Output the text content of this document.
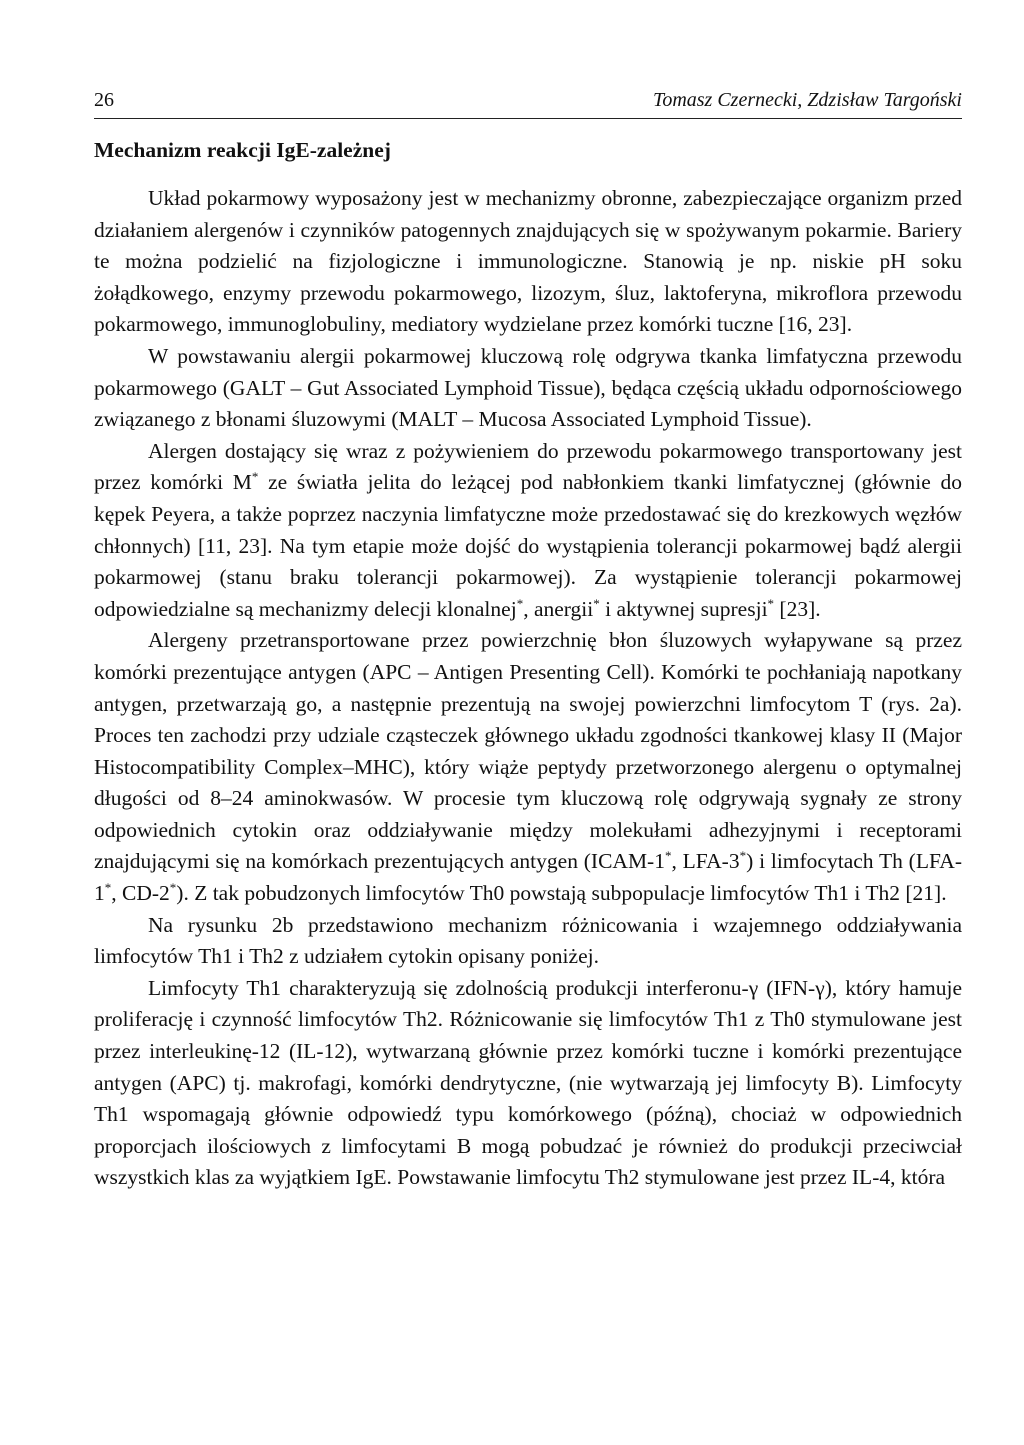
26	Tomasz Czernecki, Zdzisław Targoński
Mechanizm reakcji IgE-zależnej

Układ pokarmowy wyposażony jest w mechanizmy obronne, zabezpieczające organizm przed działaniem alergenów i czynników patogennych znajdujących się w spożywanym pokarmie. Bariery te można podzielić na fizjologiczne i immunologiczne. Stanowią je np. niskie pH soku żołądkowego, enzymy przewodu pokarmowego, lizozym, śluz, laktoferyna, mikroflora przewodu pokarmowego, immunoglobuliny, mediatory wydzielane przez komórki tuczne [16, 23].

W powstawaniu alergii pokarmowej kluczową rolę odgrywa tkanka limfatyczna przewodu pokarmowego (GALT – Gut Associated Lymphoid Tissue), będąca częścią układu odpornościowego związanego z błonami śluzowymi (MALT – Mucosa Associated Lymphoid Tissue).

Alergen dostający się wraz z pożywieniem do przewodu pokarmowego transportowany jest przez komórki M* ze światła jelita do leżącej pod nabłonkiem tkanki limfatycznej (głównie do kępek Peyera, a także poprzez naczynia limfatyczne może przedostawać się do krezkowych węzłów chłonnych) [11, 23]. Na tym etapie może dojść do wystąpienia tolerancji pokarmowej bądź alergii pokarmowej (stanu braku tolerancji pokarmowej). Za wystąpienie tolerancji pokarmowej odpowiedzialne są mechanizmy delecji klonalnej*, anergii* i aktywnej supresji* [23].

Alergeny przetransportowane przez powierzchnię błon śluzowych wyłapywane są przez komórki prezentujące antygen (APC – Antigen Presenting Cell). Komórki te pochłaniają napotkany antygen, przetwarzają go, a następnie prezentują na swojej powierzchni limfocytom T (rys. 2a). Proces ten zachodzi przy udziale cząsteczek głównego układu zgodności tkankowej klasy II (Major Histocompatibility Complex–MHC), który wiąże peptydy przetworzonego alergenu o optymalnej długości od 8–24 aminokwasów. W procesie tym kluczową rolę odgrywają sygnały ze strony odpowiednich cytokin oraz oddziaływanie między molekułami adhezyjnymi i receptorami znajdującymi się na komórkach prezentujących antygen (ICAM-1*, LFA-3*) i limfocytach Th (LFA-1*, CD-2*). Z tak pobudzonych limfocytów Th0 powstają subpopulacje limfocytów Th1 i Th2 [21].

Na rysunku 2b przedstawiono mechanizm różnicowania i wzajemnego oddziaływania limfocytów Th1 i Th2 z udziałem cytokin opisany poniżej.

Limfocyty Th1 charakteryzują się zdolnością produkcji interferonu-γ (IFN-γ), który hamuje proliferację i czynność limfocytów Th2. Różnicowanie się limfocytów Th1 z Th0 stymulowane jest przez interleukinę-12 (IL-12), wytwarzaną głównie przez komórki tuczne i komórki prezentujące antygen (APC) tj. makrofagi, komórki dendrytyczne, (nie wytwarzają jej limfocyty B). Limfocyty Th1 wspomagają głównie odpowiedź typu komórkowego (późną), chociaż w odpowiednich proporcjach ilościowych z limfocytami B mogą pobudzać je również do produkcji przeciwciał wszystkich klas za wyjątkiem IgE. Powstawanie limfocytu Th2 stymulowane jest przez IL-4, która
